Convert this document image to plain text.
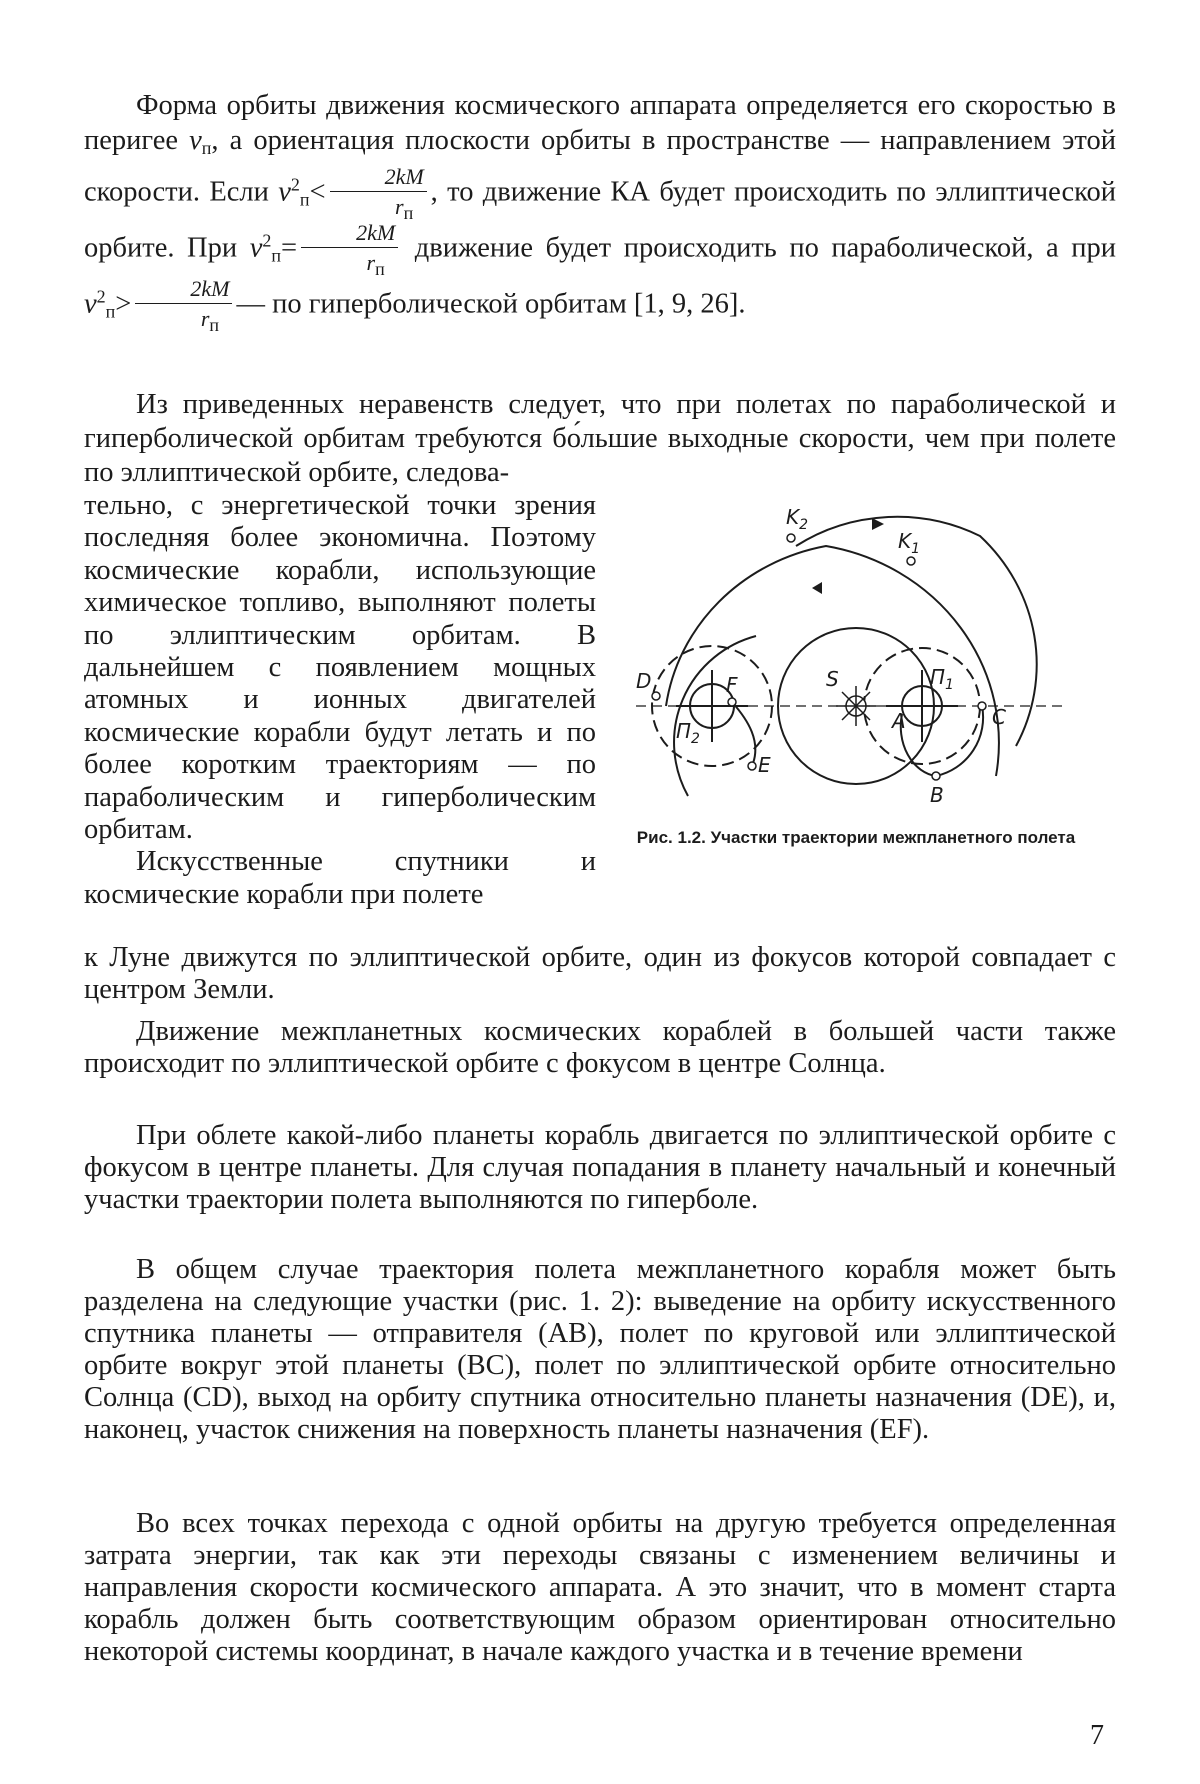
Форма орбиты движения космического аппарата определяется его скоростью в перигее $v_п$, а ориентация плоскости орбиты в пространстве — направлением этой скорости. Если $v^2_п<$
2kM
$r_п$
, то движение КА будет происходить по эллиптической орбите. При $v^2_п=$
2kM
$r_п$
движение будет происходить по параболической, а при $v^2_п>$
2kM
$r_п$
— по гиперболической орбитам [1, 9, 26].

Из приведенных неравенств следует, что при полетах по параболической и гиперболической орбитам требуются бо́льшие выходные скорости, чем при полете по эллиптической орбите, следова-

тельно, с энергетической точки зрения последняя более экономична. Поэтому космические корабли, использующие химическое топливо, выполняют полеты по эллиптическим орбитам. В дальнейшем с появлением мощных атомных и ионных двигателей космические корабли будут летать и по более коротким траекториям — по параболическим и гиперболическим орбитам.

Искусственные спутники и космические корабли при полете

$K_2$
$K_1$
D	F
E
$П_2$
S	$П_1$
A	C
B

Рис. 1.2. Участки траектории межпланетного полета

к Луне движутся по эллиптической орбите, один из фокусов которой совпадает с центром Земли.

Движение межпланетных космических кораблей в большей части также происходит по эллиптической орбите с фокусом в центре Солнца.

При облете какой-либо планеты корабль двигается по эллиптической орбите с фокусом в центре планеты. Для случая попадания в планету начальный и конечный участки траектории полета выполняются по гиперболе.

В общем случае траектория полета межпланетного корабля может быть разделена на следующие участки (рис. 1. 2): выведение на орбиту искусственного спутника планеты — отправителя (AB), полет по круговой или эллиптической орбите вокруг этой планеты (BC), полет по эллиптической орбите относительно Солнца (CD), выход на орбиту спутника относительно планеты назначения (DE), и, наконец, участок снижения на поверхность планеты назначения (EF).

Во всех точках перехода с одной орбиты на другую требуется определенная затрата энергии, так как эти переходы связаны с изменением величины и направления скорости космического аппарата. А это значит, что в момент старта корабль должен быть соответствующим образом ориентирован относительно некоторой системы координат, в начале каждого участка и в течение времени

7
